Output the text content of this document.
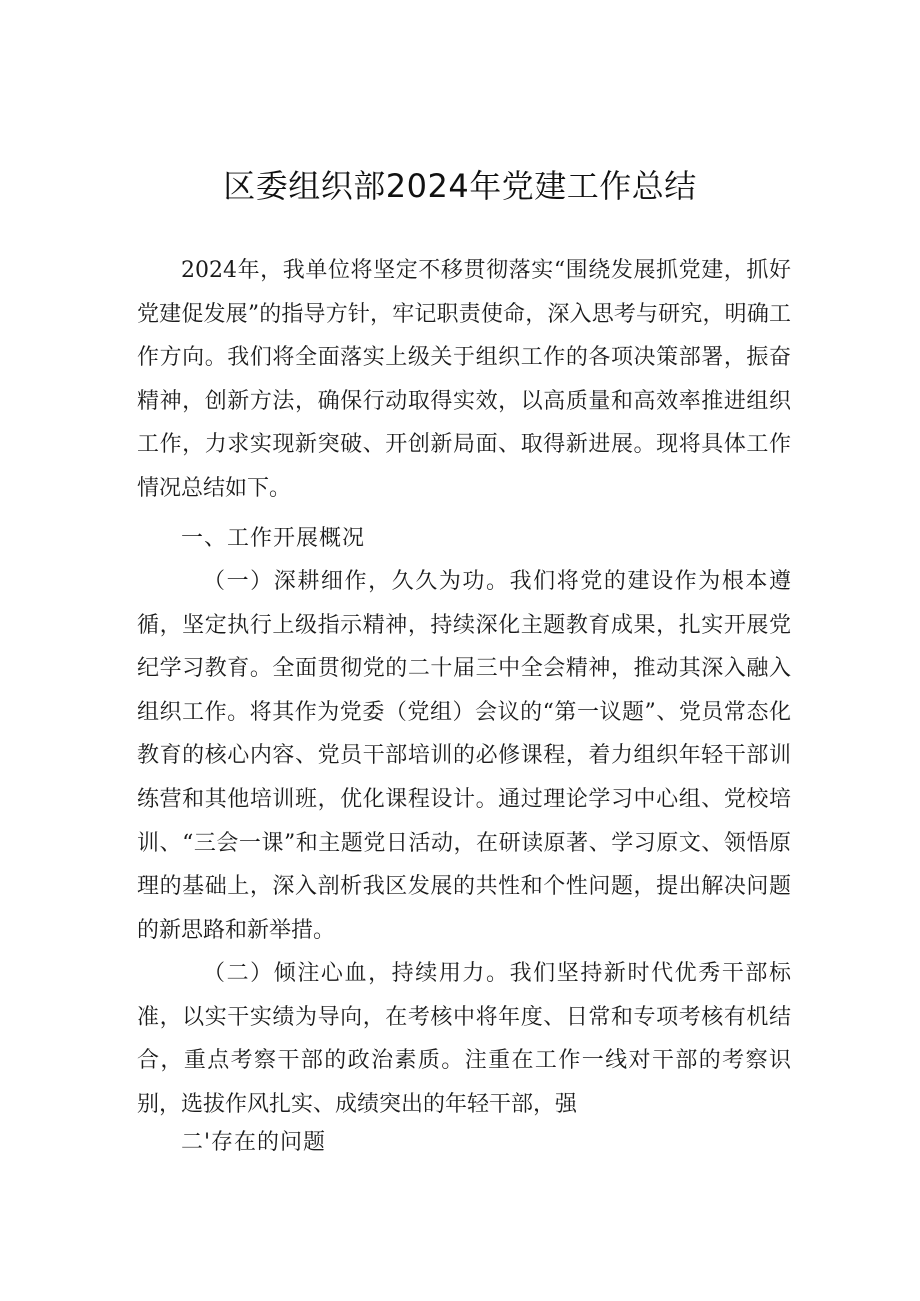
区委组织部2024年党建工作总结

2024年，我单位将坚定不移贯彻落实“围绕发展抓党建，抓好党建促发展”的指导方针，牢记职责使命，深入思考与研究，明确工作方向。我们将全面落实上级关于组织工作的各项决策部署，振奋精神，创新方法，确保行动取得实效，以高质量和高效率推进组织工作，力求实现新突破、开创新局面、取得新进展。现将具体工作情况总结如下。

一、工作开展概况

（一）深耕细作，久久为功。我们将党的建设作为根本遵循，坚定执行上级指示精神，持续深化主题教育成果，扎实开展党纪学习教育。全面贯彻党的二十届三中全会精神，推动其深入融入组织工作。将其作为党委（党组）会议的“第一议题”、党员常态化教育的核心内容、党员干部培训的必修课程，着力组织年轻干部训练营和其他培训班，优化课程设计。通过理论学习中心组、党校培训、“三会一课”和主题党日活动，在研读原著、学习原文、领悟原理的基础上，深入剖析我区发展的共性和个性问题，提出解决问题的新思路和新举措。

（二）倾注心血，持续用力。我们坚持新时代优秀干部标准，以实干实绩为导向，在考核中将年度、日常和专项考核有机结合，重点考察干部的政治素质。注重在工作一线对干部的考察识别，选拔作风扎实、成绩突出的年轻干部，强

二'存在的问题
